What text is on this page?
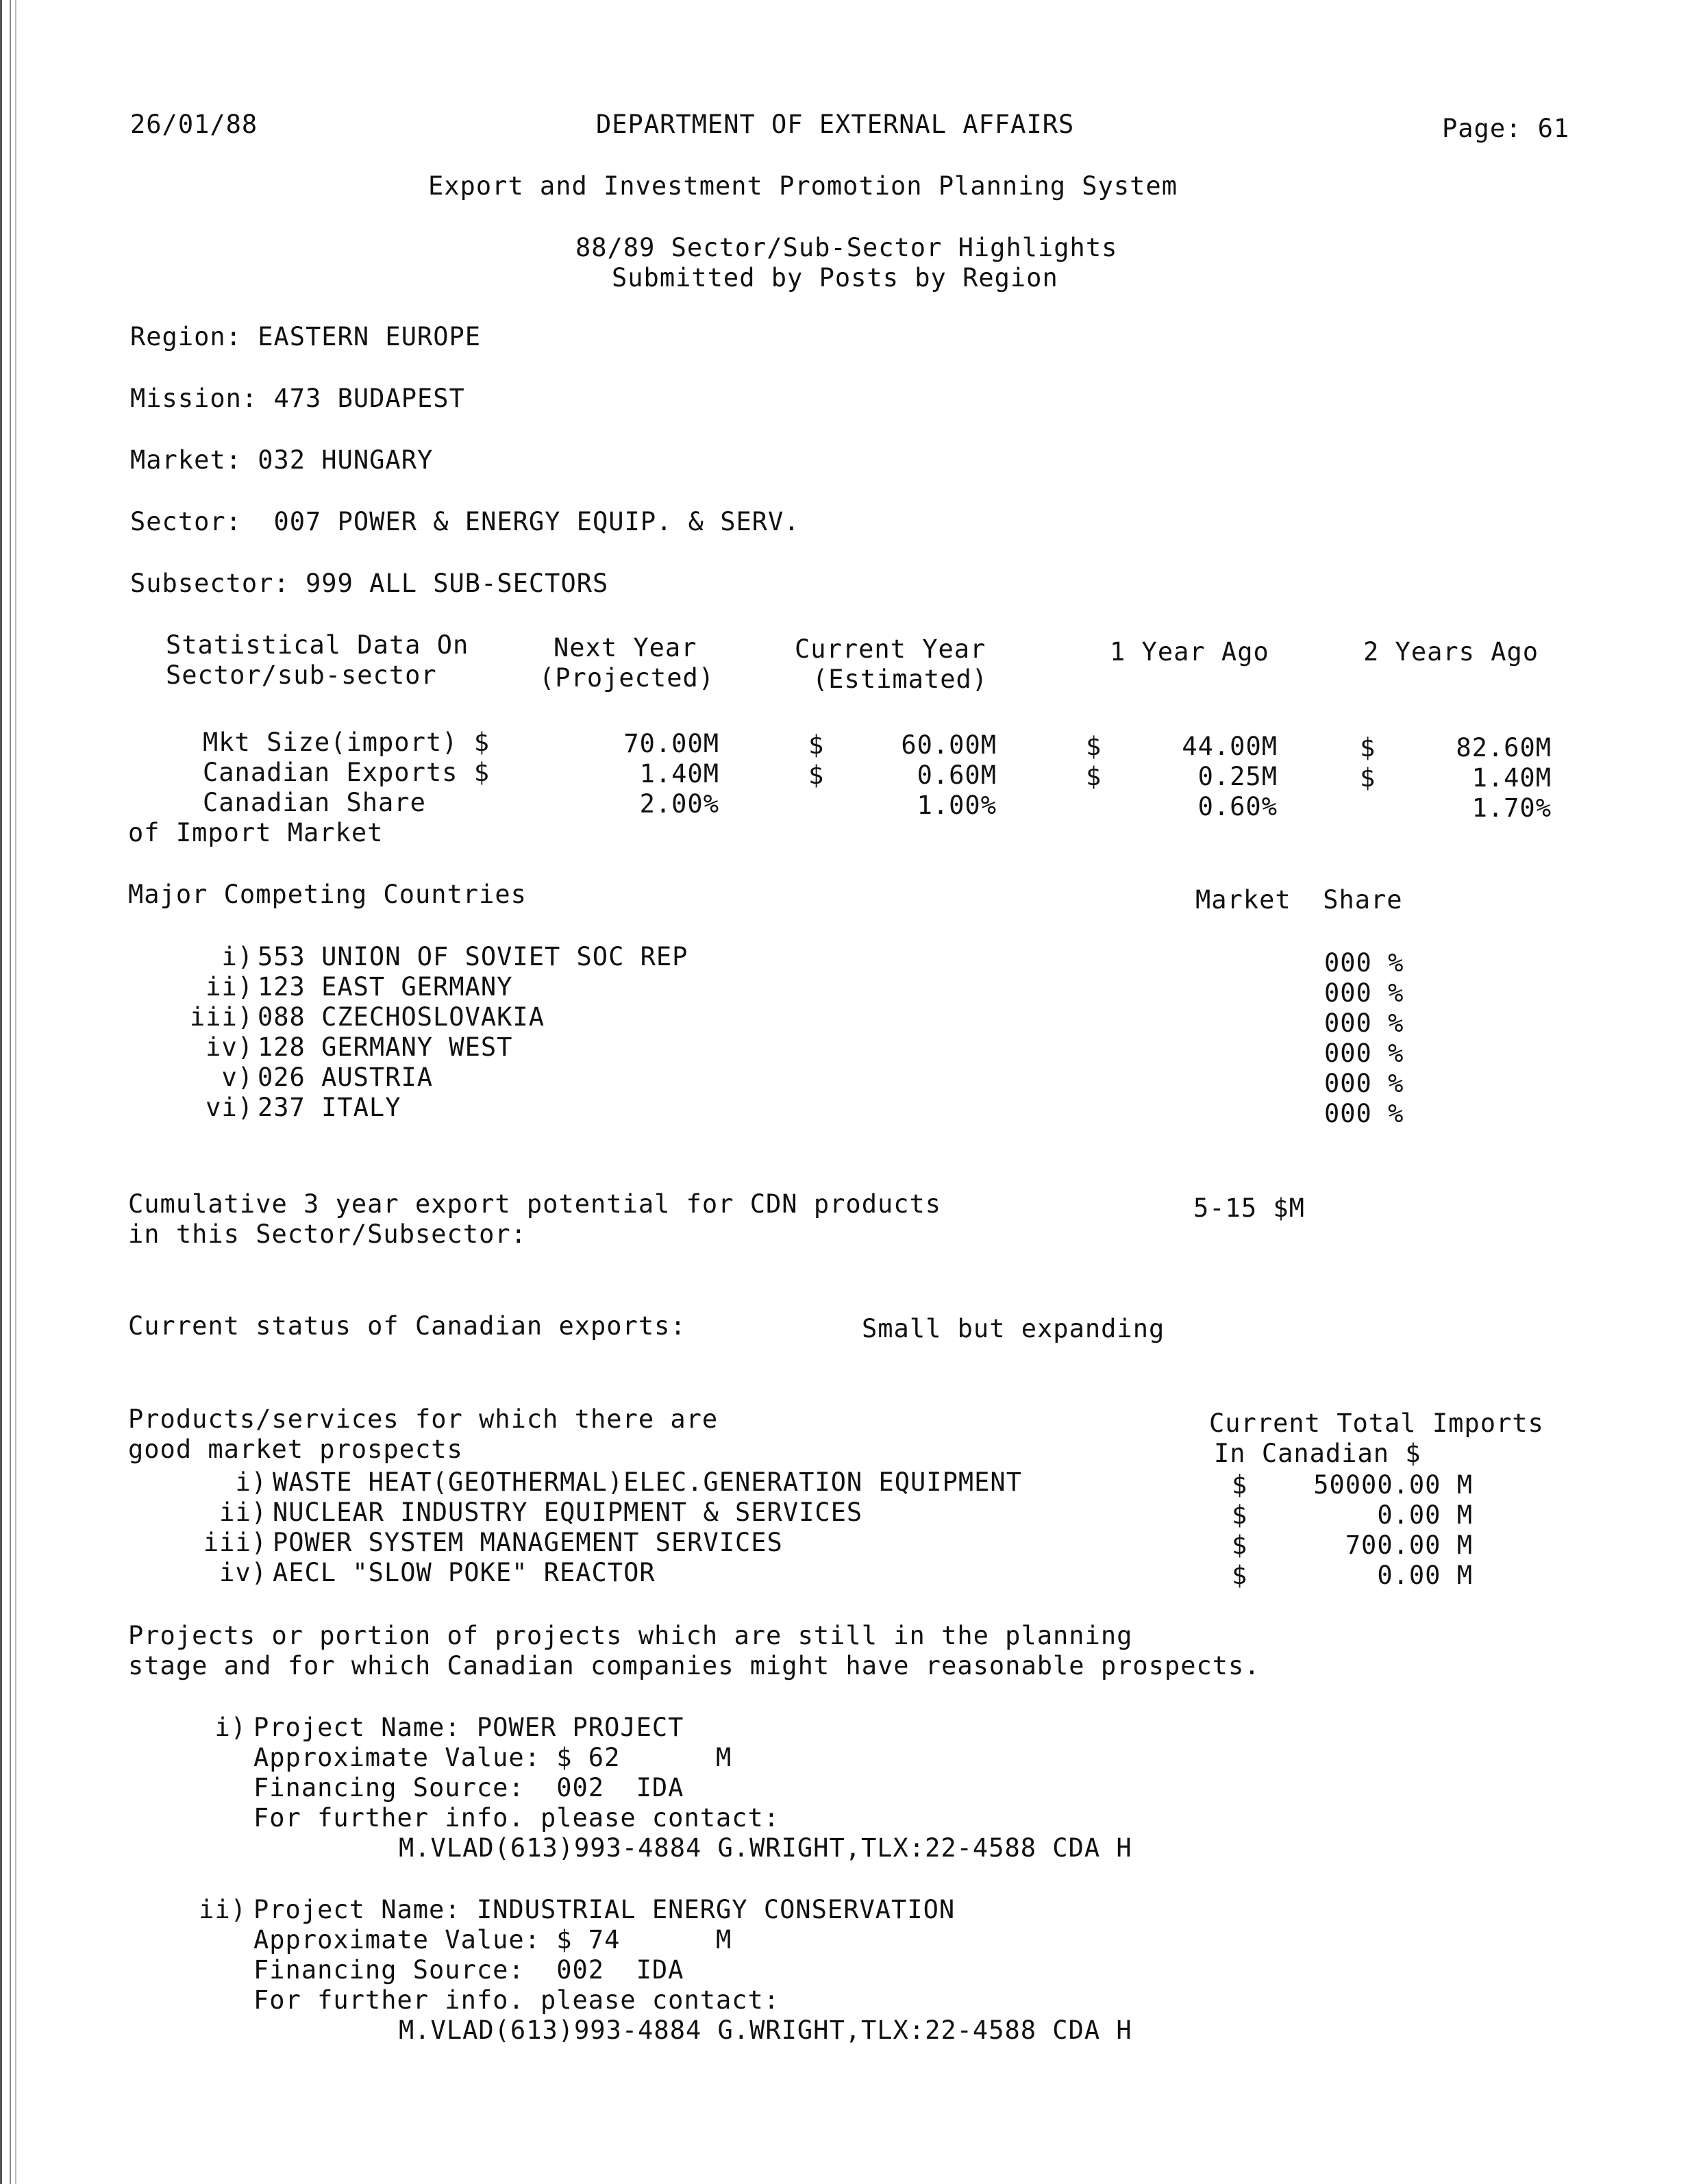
26/01/88	DEPARTMENT OF EXTERNAL AFFAIRS	Page: 61
Export and Investment Promotion Planning System
88/89 Sector/Sub-Sector Highlights
Submitted by Posts by Region
Region: EASTERN EUROPE
Mission: 473 BUDAPEST
Market: 032 HUNGARY
Sector:  007 POWER & ENERGY EQUIP. & SERV.
Subsector: 999 ALL SUB-SECTORS
Statistical Data On
Sector/sub-sector
Next Year
(Projected)
Current Year
(Estimated)
1 Year Ago	2 Years Ago
Mkt Size(import) $	70.00M	$	60.00M	$	44.00M	$	82.60M
Canadian Exports $	1.40M	$	0.60M	$	0.25M	$	1.40M
Canadian Share	2.00%	1.00%	0.60%	1.70%
of Import Market
Major Competing Countries	Market  Share
i) 553 UNION OF SOVIET SOC REP	000 %
ii) 123 EAST GERMANY	000 %
iii) 088 CZECHOSLOVAKIA	000 %
iv) 128 GERMANY WEST	000 %
v) 026 AUSTRIA	000 %
vi) 237 ITALY	000 %
Cumulative 3 year export potential for CDN products
in this Sector/Subsector:
5-15 $M
Current status of Canadian exports:	Small but expanding
Products/services for which there are
good market prospects
Current Total Imports
In Canadian $
i) WASTE HEAT(GEOTHERMAL)ELEC.GENERATION EQUIPMENT	$	50000.00 M
ii) NUCLEAR INDUSTRY EQUIPMENT & SERVICES	$	0.00 M
iii) POWER SYSTEM MANAGEMENT SERVICES	$	700.00 M
iv) AECL "SLOW POKE" REACTOR	$	0.00 M
Projects or portion of projects which are still in the planning
stage and for which Canadian companies might have reasonable prospects.
i) Project Name: POWER PROJECT
Approximate Value: $ 62      M
Financing Source:  002  IDA
For further info. please contact:
M.VLAD(613)993-4884 G.WRIGHT,TLX:22-4588 CDA H
ii) Project Name: INDUSTRIAL ENERGY CONSERVATION
Approximate Value: $ 74      M
Financing Source:  002  IDA
For further info. please contact:
M.VLAD(613)993-4884 G.WRIGHT,TLX:22-4588 CDA H
